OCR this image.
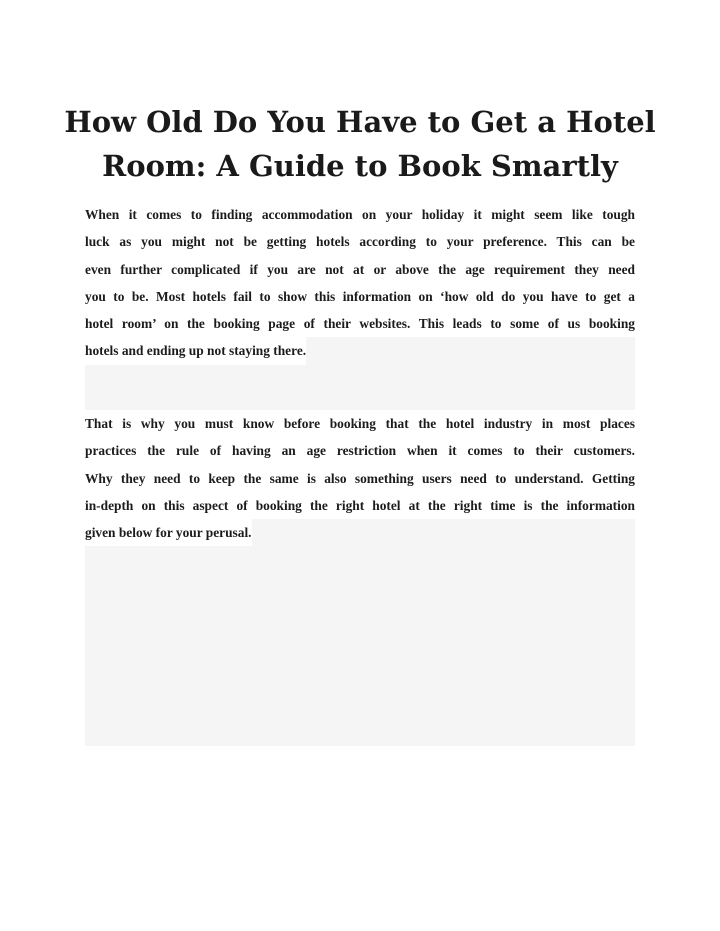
How Old Do You Have to Get a Hotel
Room: A Guide to Book Smartly

When it comes to finding accommodation on your holiday it might seem like tough
luck as you might not be getting hotels according to your preference. This can be
even further complicated if you are not at or above the age requirement they need
you to be. Most hotels fail to show this information on ‘how old do you have to get a
hotel room’ on the booking page of their websites. This leads to some of us booking
hotels and ending up not staying there.

That is why you must know before booking that the hotel industry in most places
practices the rule of having an age restriction when it comes to their customers.
Why they need to keep the same is also something users need to understand. Getting
in-depth on this aspect of booking the right hotel at the right time is the information
given below for your perusal.
